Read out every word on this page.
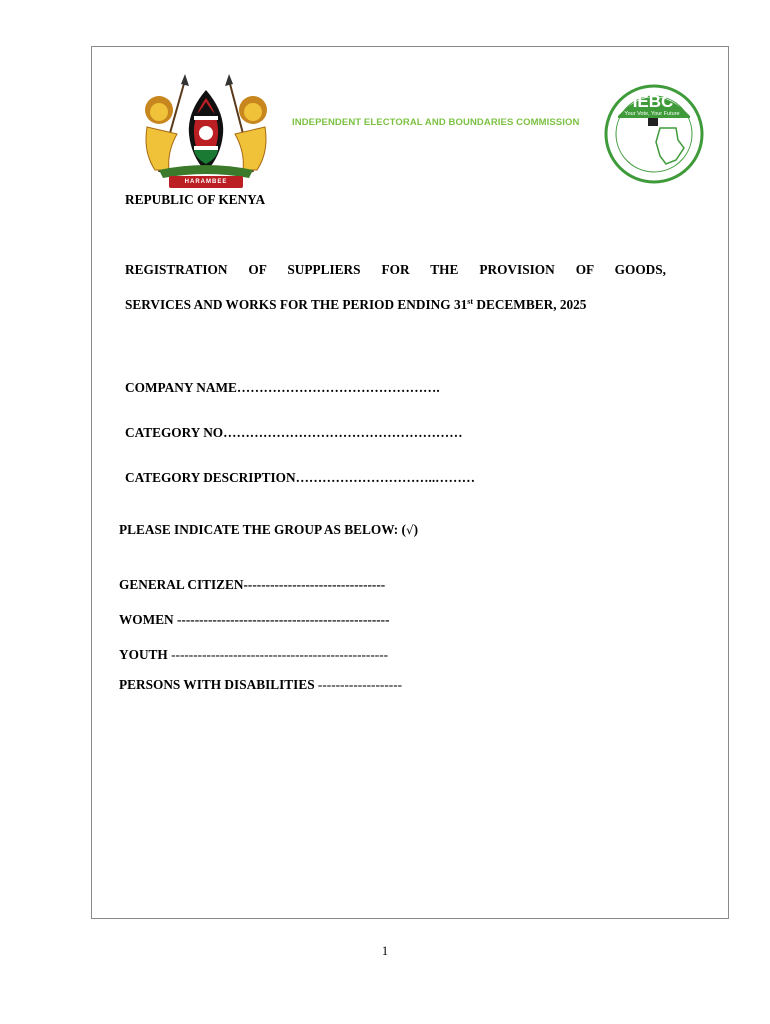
HARAMBEE
INDEPENDENT ELECTORAL AND BOUNDARIES COMMISSION
IEBC
Your Vote, Your Future
REPUBLIC OF KENYA
REGISTRATION OF SUPPLIERS FOR THE PROVISION OF GOODS,
SERVICES AND WORKS FOR THE PERIOD ENDING 31st DECEMBER, 2025
COMPANY NAME……………………………………….
CATEGORY NO………………………………………………
CATEGORY DESCRIPTION…………………………..………
PLEASE INDICATE THE GROUP AS BELOW: (√)
GENERAL CITIZEN--------------------------------
WOMEN ------------------------------------------------
YOUTH -------------------------------------------------
PERSONS WITH DISABILITIES -------------------
1
